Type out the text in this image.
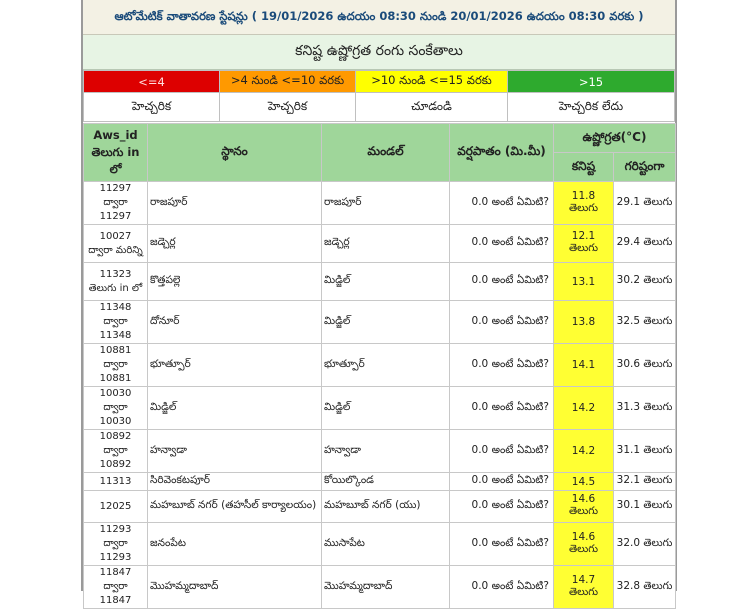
ఆటోమేటిక్ వాతావరణ స్టేషన్లు ( 19/01/2026 ఉదయం 08:30 నుండి 20/01/2026 ఉదయం 08:30 వరకు )
కనిష్ట ఉష్ణోగ్రత రంగు సంకేతాలు
<=4	>4 నుండి <=10 వరకు	>10 నుండి <=15 వరకు	>15
హెచ్చరిక	హెచ్చరిక	చూడండి	హెచ్చరిక లేదు
Aws_id తెలుగు in లో	స్థానం	మండల్	వర్షపాతం (మి.మీ)	ఉష్ణోగ్రత(°C)	
				కనిష్ట	గరిష్టంగా
11297 ద్వారా 11297	రాజపూర్	రాజపూర్	0.0 అంటే ఏమిటి?	11.8 తెలుగు	29.1 తెలుగు
10027 ద్వారా మరిన్ని	జడ్చెర్ల	జడ్చెర్ల	0.0 అంటే ఏమిటి?	12.1 తెలుగు	29.4 తెలుగు
11323 తెలుగు in లో	కొత్తపల్లె	మిడ్జిల్	0.0 అంటే ఏమిటి?	13.1	30.2 తెలుగు
11348 ద్వారా 11348	దోనూర్	మిడ్జిల్	0.0 అంటే ఏమిటి?	13.8	32.5 తెలుగు
10881 ద్వారా 10881	భూత్పూర్	భూత్పూర్	0.0 అంటే ఏమిటి?	14.1	30.6 తెలుగు
10030 ద్వారా 10030	మిడ్జిల్	మిడ్జిల్	0.0 అంటే ఏమిటి?	14.2	31.3 తెలుగు
10892 ద్వారా 10892	హన్వాడా	హన్వాడా	0.0 అంటే ఏమిటి?	14.2	31.1 తెలుగు
11313	సిరివెంకటపూర్	కోయిల్కొండ	0.0 అంటే ఏమిటి?	14.5	32.1 తెలుగు
12025	మహబూబ్ నగర్ (తహసీల్ కార్యాలయం)	మహబూబ్ నగర్ (యు)	0.0 అంటే ఏమిటి?	14.6 తెలుగు	30.1 తెలుగు
11293 ద్వారా 11293	జనంపేట	ముసాపేట	0.0 అంటే ఏమిటి?	14.6 తెలుగు	32.0 తెలుగు
11847 ద్వారా 11847	మొహమ్మదాబాద్	మొహమ్మదాబాద్	0.0 అంటే ఏమిటి?	14.7 తెలుగు	32.8 తెలుగు
